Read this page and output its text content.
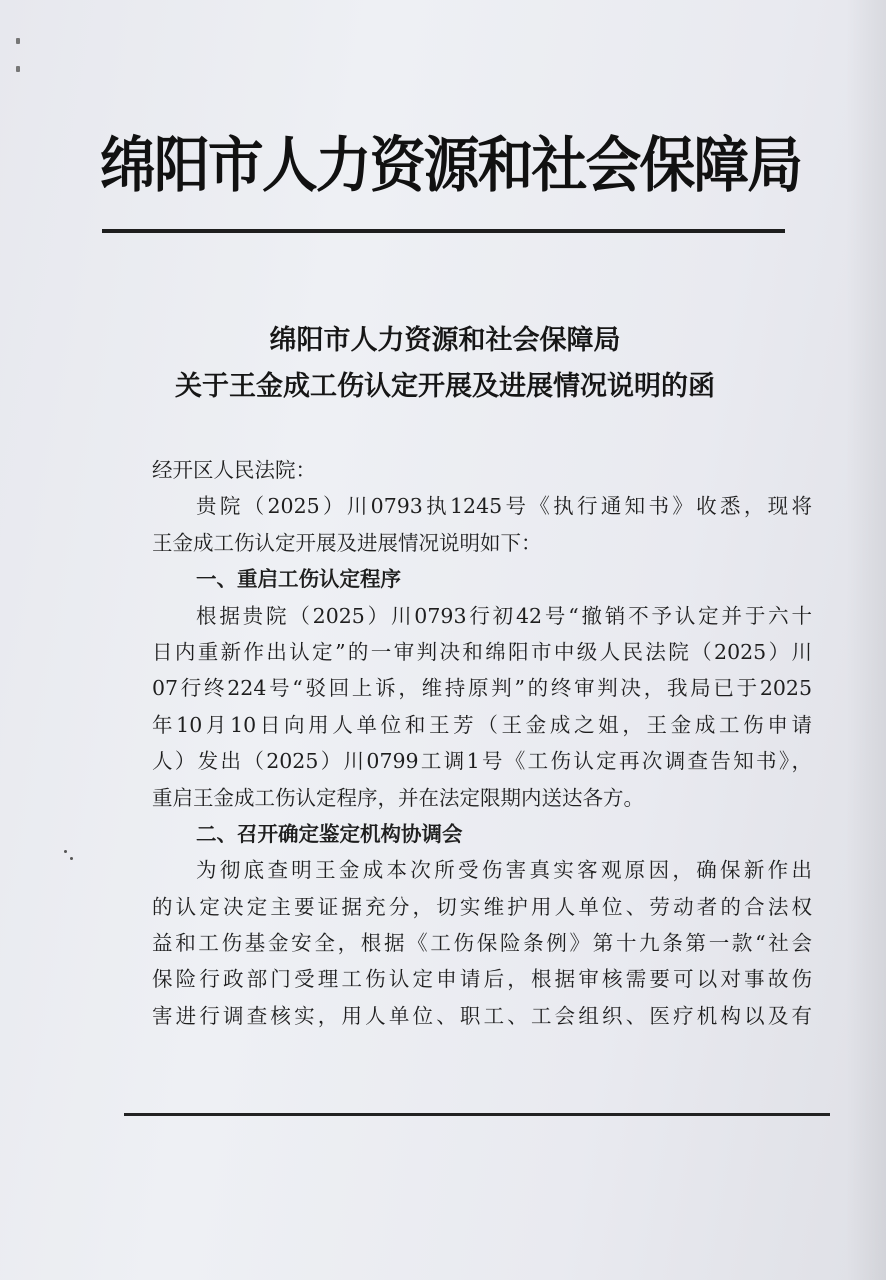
绵阳市人力资源和社会保障局
绵阳市人力资源和社会保障局
关于王金成工伤认定开展及进展情况说明的函
经开区人民法院：
贵院（2025）川0793执1245号《执行通知书》收悉，现将
王金成工伤认定开展及进展情况说明如下：
一、重启工伤认定程序
根据贵院（2025）川0793行初42号“撤销不予认定并于六十
日内重新作出认定”的一审判决和绵阳市中级人民法院（2025）川
07行终224号“驳回上诉，维持原判”的终审判决，我局已于2025
年10月10日向用人单位和王芳（王金成之姐，王金成工伤申请
人）发出（2025）川0799工调1号《工伤认定再次调查告知书》，
重启王金成工伤认定程序，并在法定限期内送达各方。
二、召开确定鉴定机构协调会
为彻底查明王金成本次所受伤害真实客观原因，确保新作出
的认定决定主要证据充分，切实维护用人单位、劳动者的合法权
益和工伤基金安全，根据《工伤保险条例》第十九条第一款“社会
保险行政部门受理工伤认定申请后，根据审核需要可以对事故伤
害进行调查核实，用人单位、职工、工会组织、医疗机构以及有
